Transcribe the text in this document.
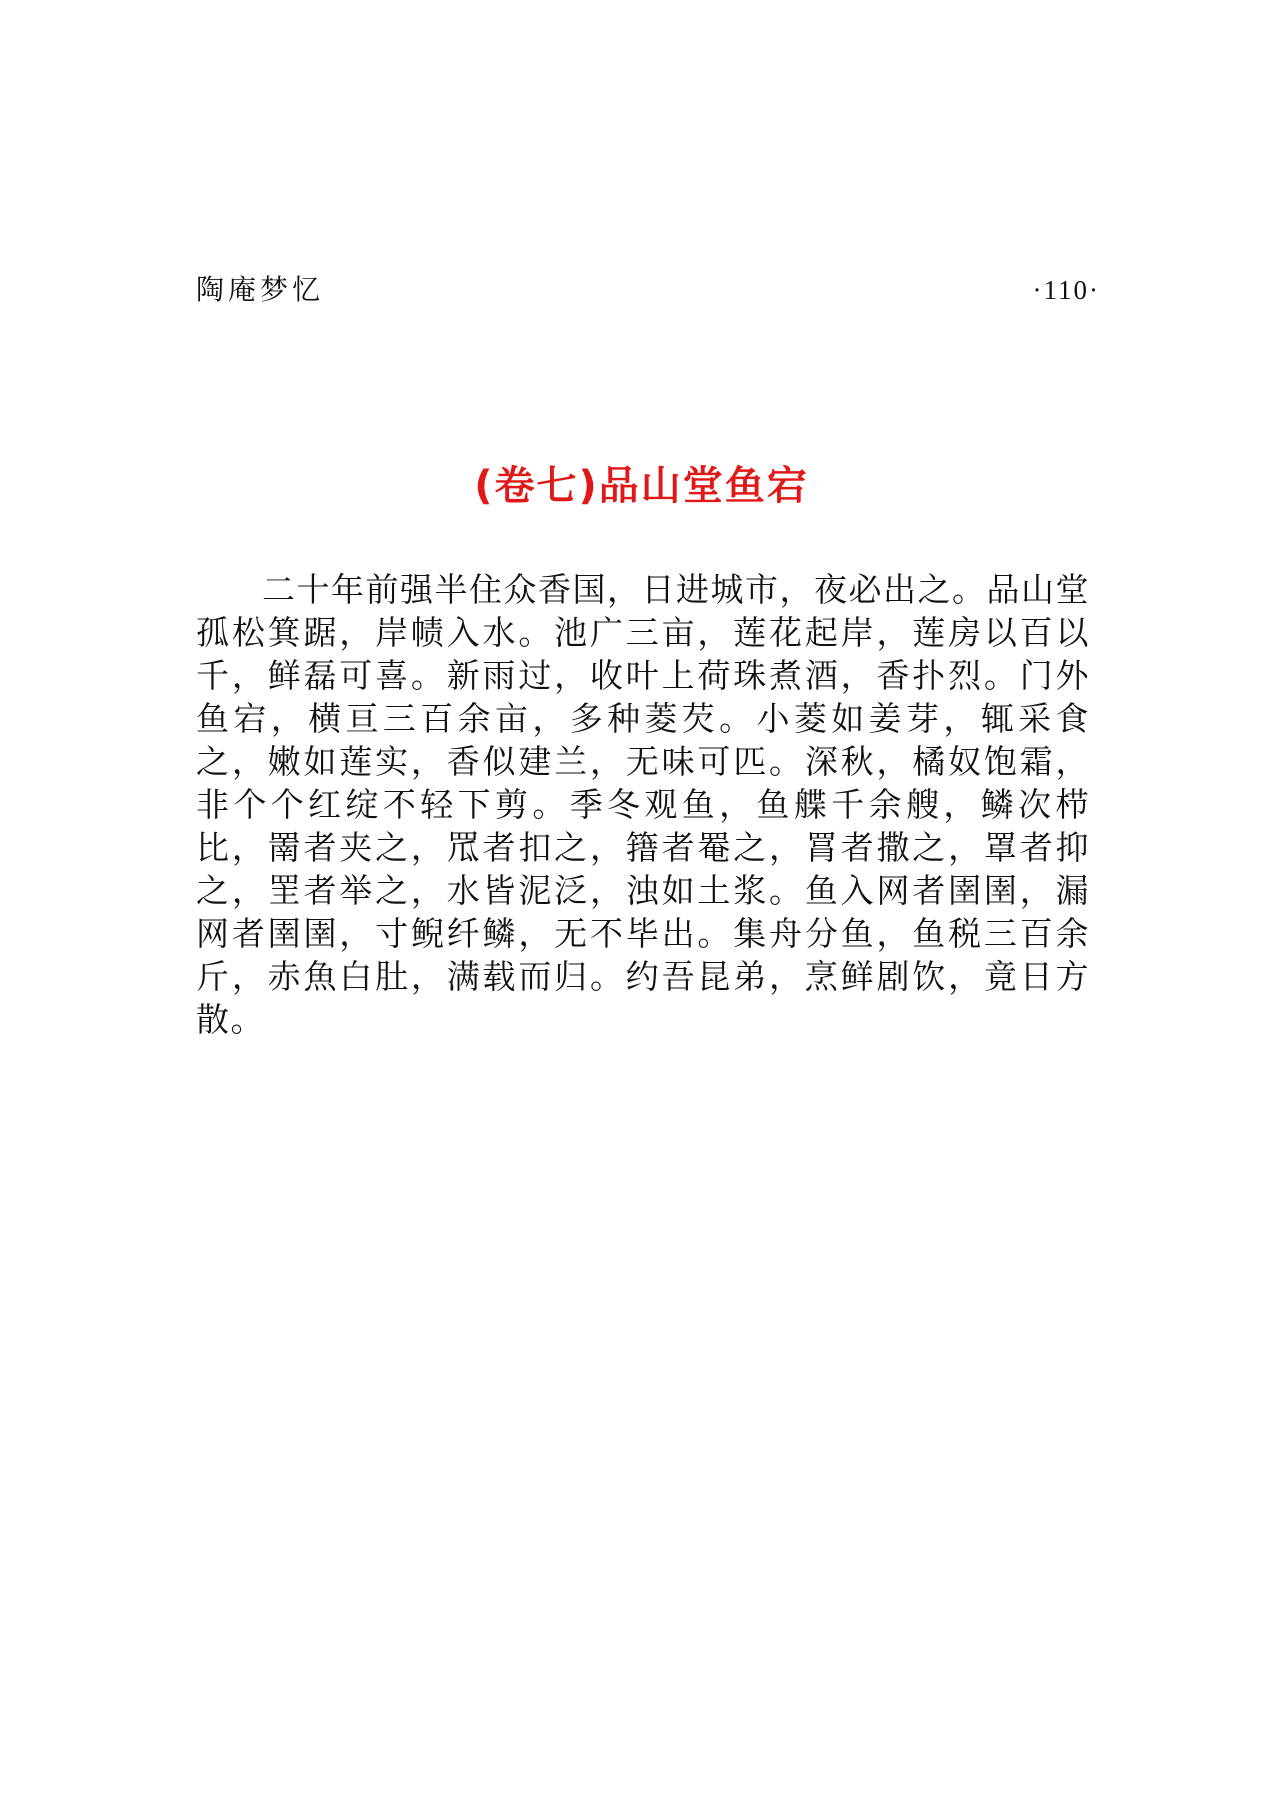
陶庵梦忆	·110·
(卷七)品山堂鱼宕

二十年前强半住众香国，日进城市，夜必出之。品山堂孤松箕踞，岸帻入水。池广三亩，莲花起岸，莲房以百以千，鲜磊可喜。新雨过，收叶上荷珠煮酒，香扑烈。门外鱼宕，横亘三百余亩，多种菱芡。小菱如姜芽，辄采食之，嫩如莲实，香似建兰，无味可匹。深秋，橘奴饱霜，非个个红绽不轻下剪。季冬观鱼，鱼艓千余艘，鳞次栉比，罱者夹之，罛者扣之，簎者罨之，罥者撒之，罩者抑之，罜者举之，水皆泥泛，浊如土浆。鱼入网者圉圉，漏网者圉圉，寸鲵纤鳞，无不毕出。集舟分鱼，鱼税三百余斤，赤魚白肚，满载而归。约吾昆弟，烹鲜剧饮，竟日方散。
